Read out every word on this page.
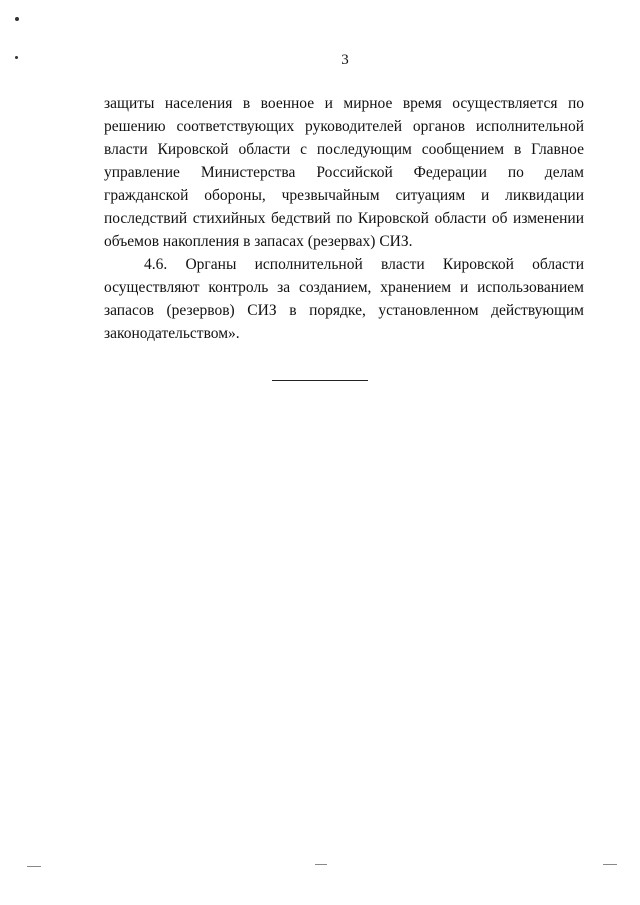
3

защиты населения в военное и мирное время осуществляется по решению соответствующих руководителей органов исполнительной власти Кировской области с последующим сообщением в Главное управление Министерства Российской Федерации по делам гражданской обороны, чрезвычайным ситуациям и ликвидации последствий стихийных бедствий по Кировской области об изменении объемов накопления в запасах (резервах) СИЗ.

4.6. Органы исполнительной власти Кировской области осуществляют контроль за созданием, хранением и использованием запасов (резервов) СИЗ в порядке, установленном действующим законодательством».
